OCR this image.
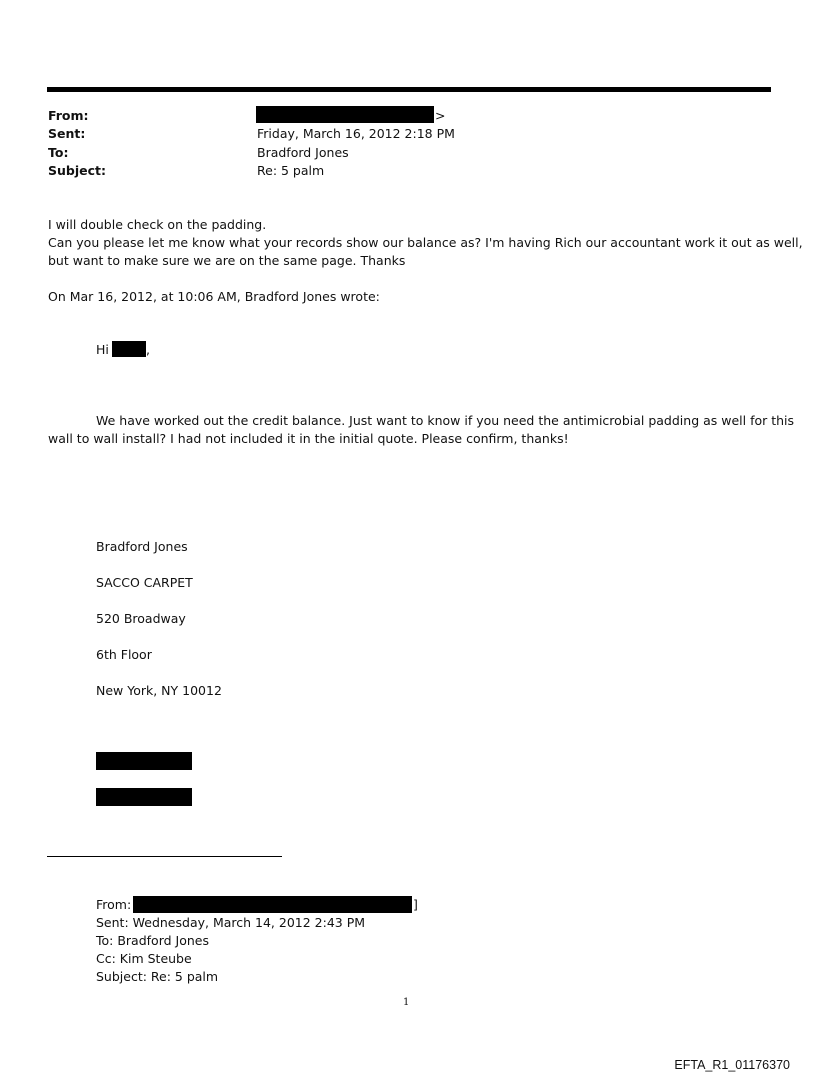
From:	>
Sent:	Friday, March 16, 2012 2:18 PM
To:	Bradford Jones
Subject:	Re: 5 palm
I will double check on the padding.
Can you please let me know what your records show our balance as? I'm having Rich our accountant work it out as well,
but want to make sure we are on the same page. Thanks
On Mar 16, 2012, at 10:06 AM, Bradford Jones wrote:
Hi	,
We have worked out the credit balance. Just want to know if you need the antimicrobial padding as well for this
wall to wall install? I had not included it in the initial quote. Please confirm, thanks!
Bradford Jones
SACCO CARPET
520 Broadway
6th Floor
New York, NY 10012
From:	]
Sent: Wednesday, March 14, 2012 2:43 PM
To: Bradford Jones
Cc: Kim Steube
Subject: Re: 5 palm
1
EFTA_R1_01176370
